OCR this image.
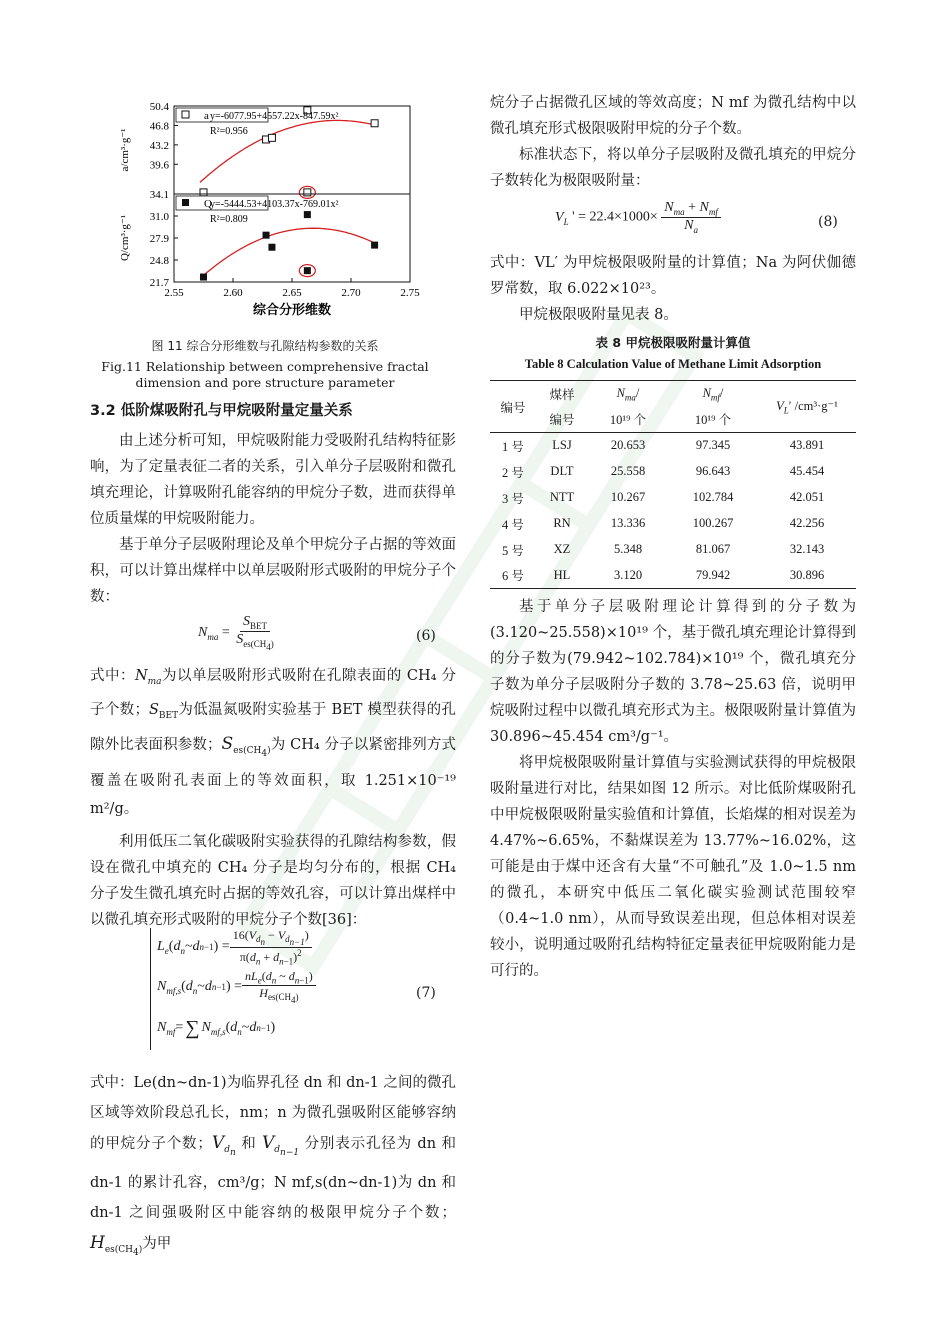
50.4
46.8
43.2
39.6
34.1
a/cm³·g⁻¹
a y=-6077.95+4557.22x-847.59x²
R²=0.956
31.0
27.9
24.8
21.7
Q/cm³·g⁻¹
Q
y=-5444.53+4103.37x-769.01x²
R²=0.809
2.55	2.60	2.65	2.70	2.75
综合分形维数
图 11 综合分形维数与孔隙结构参数的关系
Fig.11 Relationship between comprehensive fractal
dimension and pore structure parameter
3.2 低阶煤吸附孔与甲烷吸附量定量关系

由上述分析可知，甲烷吸附能力受吸附孔结构特征影响，为了定量表征二者的关系，引入单分子层吸附和微孔填充理论，计算吸附孔能容纳的甲烷分子数，进而获得单位质量煤的甲烷吸附能力。

基于单分子层吸附理论及单个甲烷分子占据的等效面积，可以计算出煤样中以单层吸附形式吸附的甲烷分子个数：

$N_{ma} = \frac{S_{BET}}{S_{es(CH_4)}}$	(6)

式中：$N_{ma}$为以单层吸附形式吸附在孔隙表面的 CH₄ 分子个数；$S_{BET}$为低温氮吸附实验基于 BET 模型获得的孔隙外比表面积参数；$S_{es(CH_4)}$为 CH₄ 分子以紧密排列方式覆盖在吸附孔表面上的等效面积，取 1.251×10⁻¹⁹ m²/g。

利用低压二氧化碳吸附实验获得的孔隙结构参数，假设在微孔中填充的 CH₄ 分子是均匀分布的，根据 CH₄ 分子发生微孔填充时占据的等效孔容，可以计算出煤样中以微孔填充形式吸附的甲烷分子个数[36]：

$L_e$ ( $d_n$ ~ d n−1 ) = $\frac{16(V_{d_n} - V_{d_{n-1}})}{\pi(d_n + d_{n-1})^2}$
$N_{mf,s}$ ( $d_n$ ~ d n−1 ) = $\frac{nL_e(d_n \sim d_{n-1})}{H_{es(CH_4)}}$
$N_{mf}$ = ∑ $N_{mf,s}$ ( $d_n$ ~ d n−1 )
(7)

式中：Le(dn~dn-1)为临界孔径 dn 和 dn-1 之间的微孔区域等效阶段总孔长，nm；n 为微孔强吸附区能够容纳的甲烷分子个数；$V_{d_n}$ 和 $V_{d_{n-1}}$ 分别表示孔径为 dn 和 dn-1 的累计孔容，cm³/g；N mf,s(dn~dn-1)为 dn 和 dn-1 之间强吸附区中能容纳的极限甲烷分子个数；$H_{es(CH_4)}$为甲

烷分子占据微孔区域的等效高度；N mf 为微孔结构中以微孔填充形式极限吸附甲烷的分子个数。

标准状态下，将以单分子层吸附及微孔填充的甲烷分子数转化为极限吸附量：

$V_L$ ' = $22.4\times 1000\times \frac{N_{ma} + N_{mf}}{N_a}$	(8)

式中：VL′ 为甲烷极限吸附量的计算值；Na 为阿伏伽德罗常数，取 6.022×10²³。

甲烷极限吸附量见表 8。

表 8 甲烷极限吸附量计算值
Table 8 Calculation Value of Methane Limit Adsorption
编号	煤样	$N_{ma}/$	$N_{mf}/$	$V_L'$ /cm³·g⁻¹
	编号	10¹⁹ 个	10¹⁹ 个	
1 号	LSJ	20.653	97.345	43.891
2 号	DLT	25.558	96.643	45.454
3 号	NTT	10.267	102.784	42.051
4 号	RN	13.336	100.267	42.256
5 号	XZ	5.348	81.067	32.143
6 号	HL	3.120	79.942	30.896

基于单分子层吸附理论计算得到的分子数为(3.120~25.558)×10¹⁹ 个，基于微孔填充理论计算得到的分子数为(79.942~102.784)×10¹⁹ 个，微孔填充分子数为单分子层吸附分子数的 3.78~25.63 倍，说明甲烷吸附过程中以微孔填充形式为主。极限吸附量计算值为 30.896~45.454 cm³/g⁻¹。

将甲烷极限吸附量计算值与实验测试获得的甲烷极限吸附量进行对比，结果如图 12 所示。对比低阶煤吸附孔中甲烷极限吸附量实验值和计算值，长焰煤的相对误差为 4.47%~6.65%，不黏煤误差为 13.77%~16.02%，这可能是由于煤中还含有大量“不可触孔”及 1.0~1.5 nm 的微孔，本研究中低压二氧化碳实验测试范围较窄（0.4~1.0 nm），从而导致误差出现，但总体相对误差较小，说明通过吸附孔结构特征定量表征甲烷吸附能力是可行的。
